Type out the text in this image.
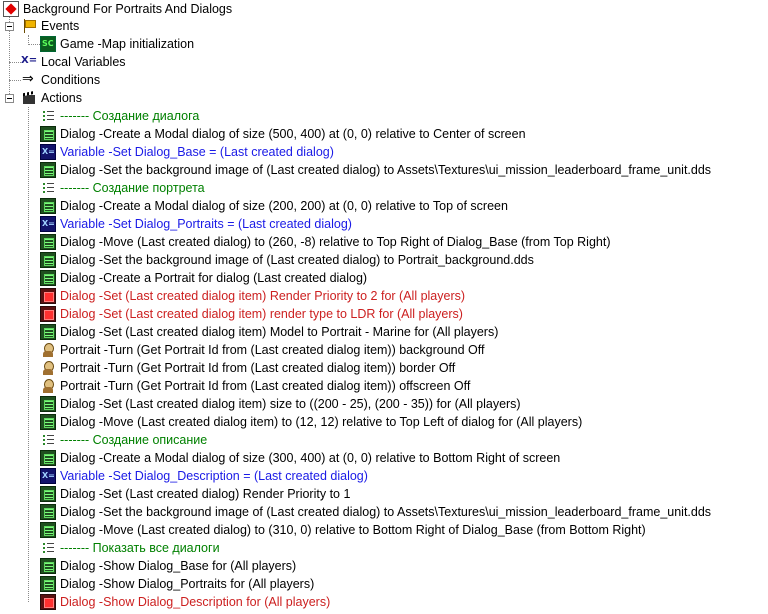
Background For Portraits And Dialogs
Events
SC
Game -Map initialization
X=
Local Variables
⇒
Conditions
Actions
------- Создание диалога
Dialog -Create a Modal dialog of size (500, 400) at (0, 0) relative to Center of screen
X=
Variable -Set Dialog_Base = (Last created dialog)
Dialog -Set the background image of (Last created dialog) to Assets\Textures\ui_mission_leaderboard_frame_unit.dds
------- Создание портрета
Dialog -Create a Modal dialog of size (200, 200) at (0, 0) relative to Top of screen
X=
Variable -Set Dialog_Portraits = (Last created dialog)
Dialog -Move (Last created dialog) to (260, -8) relative to Top Right of Dialog_Base (from Top Right)
Dialog -Set the background image of (Last created dialog) to Portrait_background.dds
Dialog -Create a Portrait for dialog (Last created dialog)
Dialog -Set (Last created dialog item) Render Priority to 2 for (All players)
Dialog -Set (Last created dialog item) render type to LDR for (All players)
Dialog -Set (Last created dialog item) Model to Portrait - Marine for (All players)
Portrait -Turn (Get Portrait Id from (Last created dialog item)) background Off
Portrait -Turn (Get Portrait Id from (Last created dialog item)) border Off
Portrait -Turn (Get Portrait Id from (Last created dialog item)) offscreen Off
Dialog -Set (Last created dialog item) size to ((200 - 25), (200 - 35)) for (All players)
Dialog -Move (Last created dialog item) to (12, 12) relative to Top Left of dialog for (All players)
------- Создание описание
Dialog -Create a Modal dialog of size (300, 400) at (0, 0) relative to Bottom Right of screen
X=
Variable -Set Dialog_Description = (Last created dialog)
Dialog -Set (Last created dialog) Render Priority to 1
Dialog -Set the background image of (Last created dialog) to Assets\Textures\ui_mission_leaderboard_frame_unit.dds
Dialog -Move (Last created dialog) to (310, 0) relative to Bottom Right of Dialog_Base (from Bottom Right)
------- Показать все диалоги
Dialog -Show Dialog_Base for (All players)
Dialog -Show Dialog_Portraits for (All players)
Dialog -Show Dialog_Description for (All players)
